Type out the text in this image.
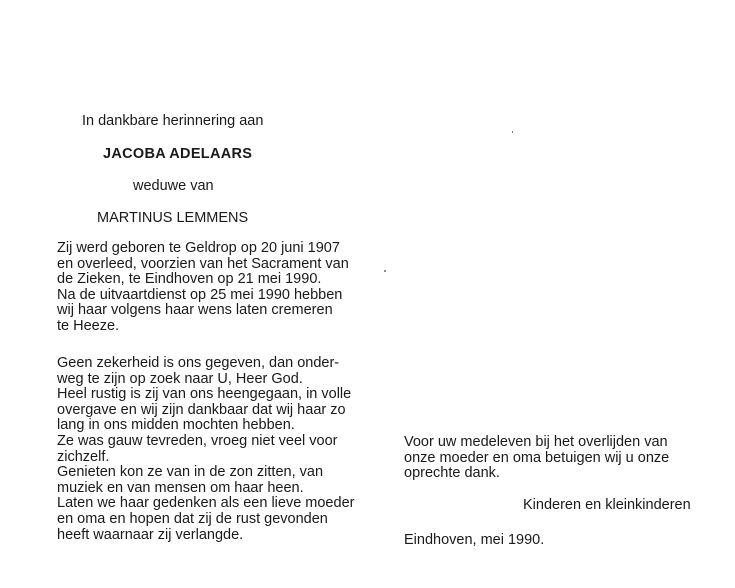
In dankbare herinnering aan
JACOBA ADELAARS
weduwe van
MARTINUS LEMMENS

Zij werd geboren te Geldrop op 20 juni 1907

en overleed, voorzien van het Sacrament van

de Zieken, te Eindhoven op 21 mei 1990.

Na de uitvaartdienst op 25 mei 1990 hebben

wij haar volgens haar wens laten cremeren

te Heeze.

Geen zekerheid is ons gegeven, dan onder-

weg te zijn op zoek naar U, Heer God.

Heel rustig is zij van ons heengegaan, in volle

overgave en wij zijn dankbaar dat wij haar zo

lang in ons midden mochten hebben.

Ze was gauw tevreden, vroeg niet veel voor

zichzelf.

Genieten kon ze van in de zon zitten, van

muziek en van mensen om haar heen.

Laten we haar gedenken als een lieve moeder

en oma en hopen dat zij de rust gevonden

heeft waarnaar zij verlangde.

Voor uw medeleven bij het overlijden van

onze moeder en oma betuigen wij u onze

oprechte dank.

Kinderen en kleinkinderen
Eindhoven, mei 1990.
